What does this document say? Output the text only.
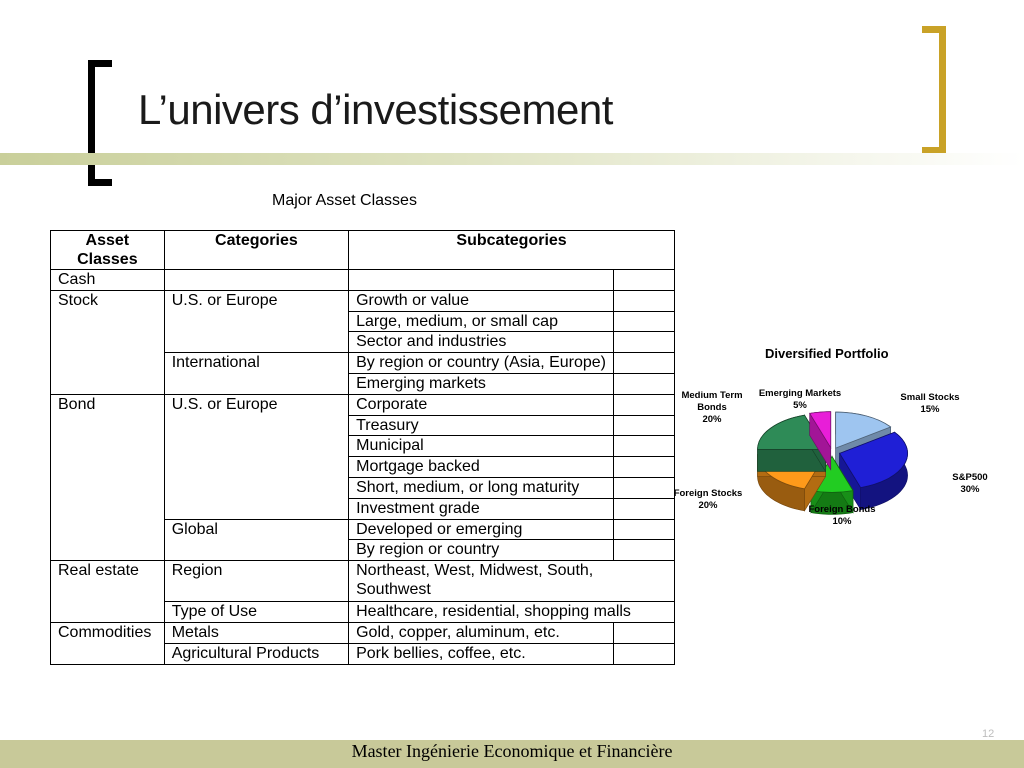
L’univers d’investissement
Major Asset Classes
Asset Classes	Categories	Subcategories	
Cash			
Stock	U.S. or Europe	Growth or value	
		Large, medium, or small cap	
		Sector and industries	
	International	By region or country (Asia, Europe)	
		Emerging markets	
Bond	U.S. or Europe	Corporate	
		Treasury	
		Municipal	
		Mortgage backed	
		Short, medium, or long maturity	
		Investment grade	
	Global	Developed or emerging	
		By region or country	
Real estate	Region	Northeast, West, Midwest, South, Southwest	
	Type of Use	Healthcare, residential, shopping malls	
Commodities	Metals	Gold, copper, aluminum, etc.	
	Agricultural Products	Pork bellies, coffee, etc.	
Small Stocks 15%
S&P500 30%
Foreign Bonds 10%
Foreign Stocks 20%
Medium Term Bonds 20%
Emerging Markets 5%
Diversified Portfolio
Master Ingénierie Economique et Financière
12
